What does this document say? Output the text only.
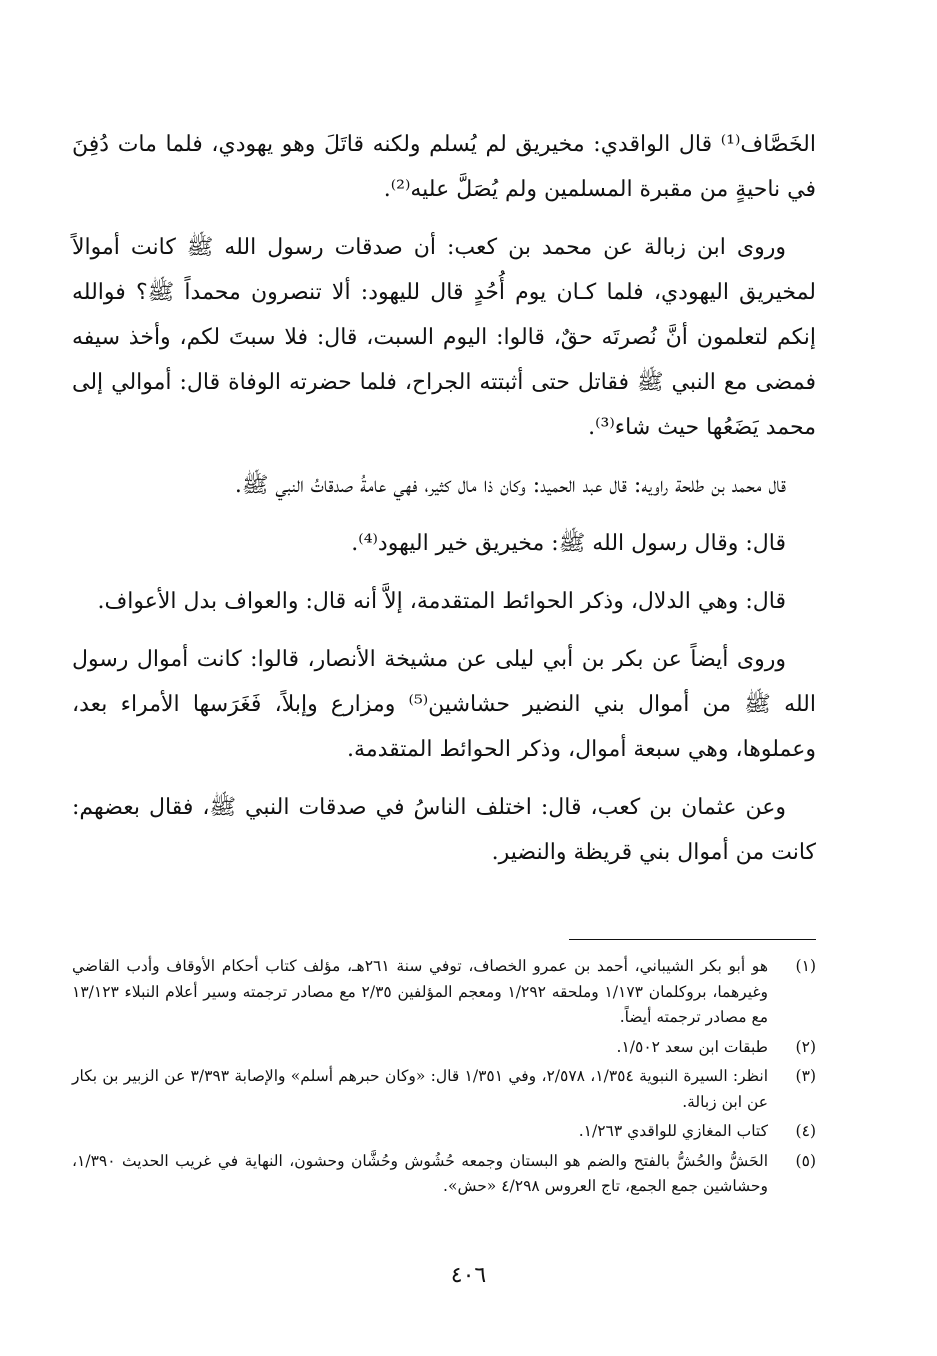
الخَصَّاف⁽¹⁾ قال الواقدي: مخيريق لم يُسلم ولكنه قاتَلَ وهو يهودي، فلما مات دُفِنَ في ناحيةٍ من مقبرة المسلمين ولم يُصَلَّ عليه⁽²⁾.

وروى ابن زبالة عن محمد بن كعب: أن صدقات رسول الله ﷺ كانت أموالاً لمخيريق اليهودي، فلما كـان يوم أُحُدٍ قال لليهود: ألا تنصرون محمداً ﷺ؟ فوالله إنكم لتعلمون أنَّ نُصرتَه حقٌ، قالوا: اليوم السبت، قال: فلا سبتَ لكم، وأخذ سيفه فمضى مع النبي ﷺ فقاتل حتى أثبتته الجراح، فلما حضرته الوفاة قال: أموالي إلى محمد يَضَعُها حيث شاء⁽³⁾.

قال محمد بن طلحة راويه: قال عبد الحميد: وكان ذا مال كثير، فهي عامةُ صدقاتُ النبي ﷺ.

قال: وقال رسول الله ﷺ: مخيريق خير اليهود⁽⁴⁾.

قال: وهي الدلال، وذكر الحوائط المتقدمة، إلاَّ أنه قال: والعواف بدل الأعواف.

وروى أيضاً عن بكر بن أبي ليلى عن مشيخة الأنصار، قالوا: كانت أموال رسول الله ﷺ من أموال بني النضير حشاشين⁽⁵⁾ ومزارع وإبلاً، فَغَرَسها الأمراء بعد، وعملوها، وهي سبعة أموال، وذكر الحوائط المتقدمة.

وعن عثمان بن كعب، قال: اختلف الناسُ في صدقات النبي ﷺ، فقال بعضهم: كانت من أموال بني قريظة والنضير.

(١)
هو أبو بكر الشيباني، أحمد بن عمرو الخصاف، توفي سنة ٢٦١هـ، مؤلف كتاب أحكام الأوقاف وأدب القاضي وغيرهما، بروكلمان ١/١٧٣ وملحقه ١/٢٩٢ ومعجم المؤلفين ٢/٣٥ مع مصادر ترجمته وسير أعلام النبلاء ١٣/١٢٣ مع مصادر ترجمته أيضاً.
(٢)
طبقات ابن سعد ١/٥٠٢.
(٣)
انظر: السيرة النبوية ١/٣٥٤، ٢/٥٧٨، وفي ١/٣٥١ قال: «وكان حبرهم أسلم» والإصابة ٣/٣٩٣ عن الزبير بن بكار عن ابن زبالة.
(٤)
كتاب المغازي للواقدي ١/٢٦٣.
(٥)
الحَشُّ والحُشُّ بالفتح والضم هو البستان وجمعه حُشُوش وحُشَّان وحشون، النهاية في غريب الحديث ١/٣٩٠، وحشاشين جمع الجمع، تاج العروس ٤/٢٩٨ «حش».
٤٠٦
